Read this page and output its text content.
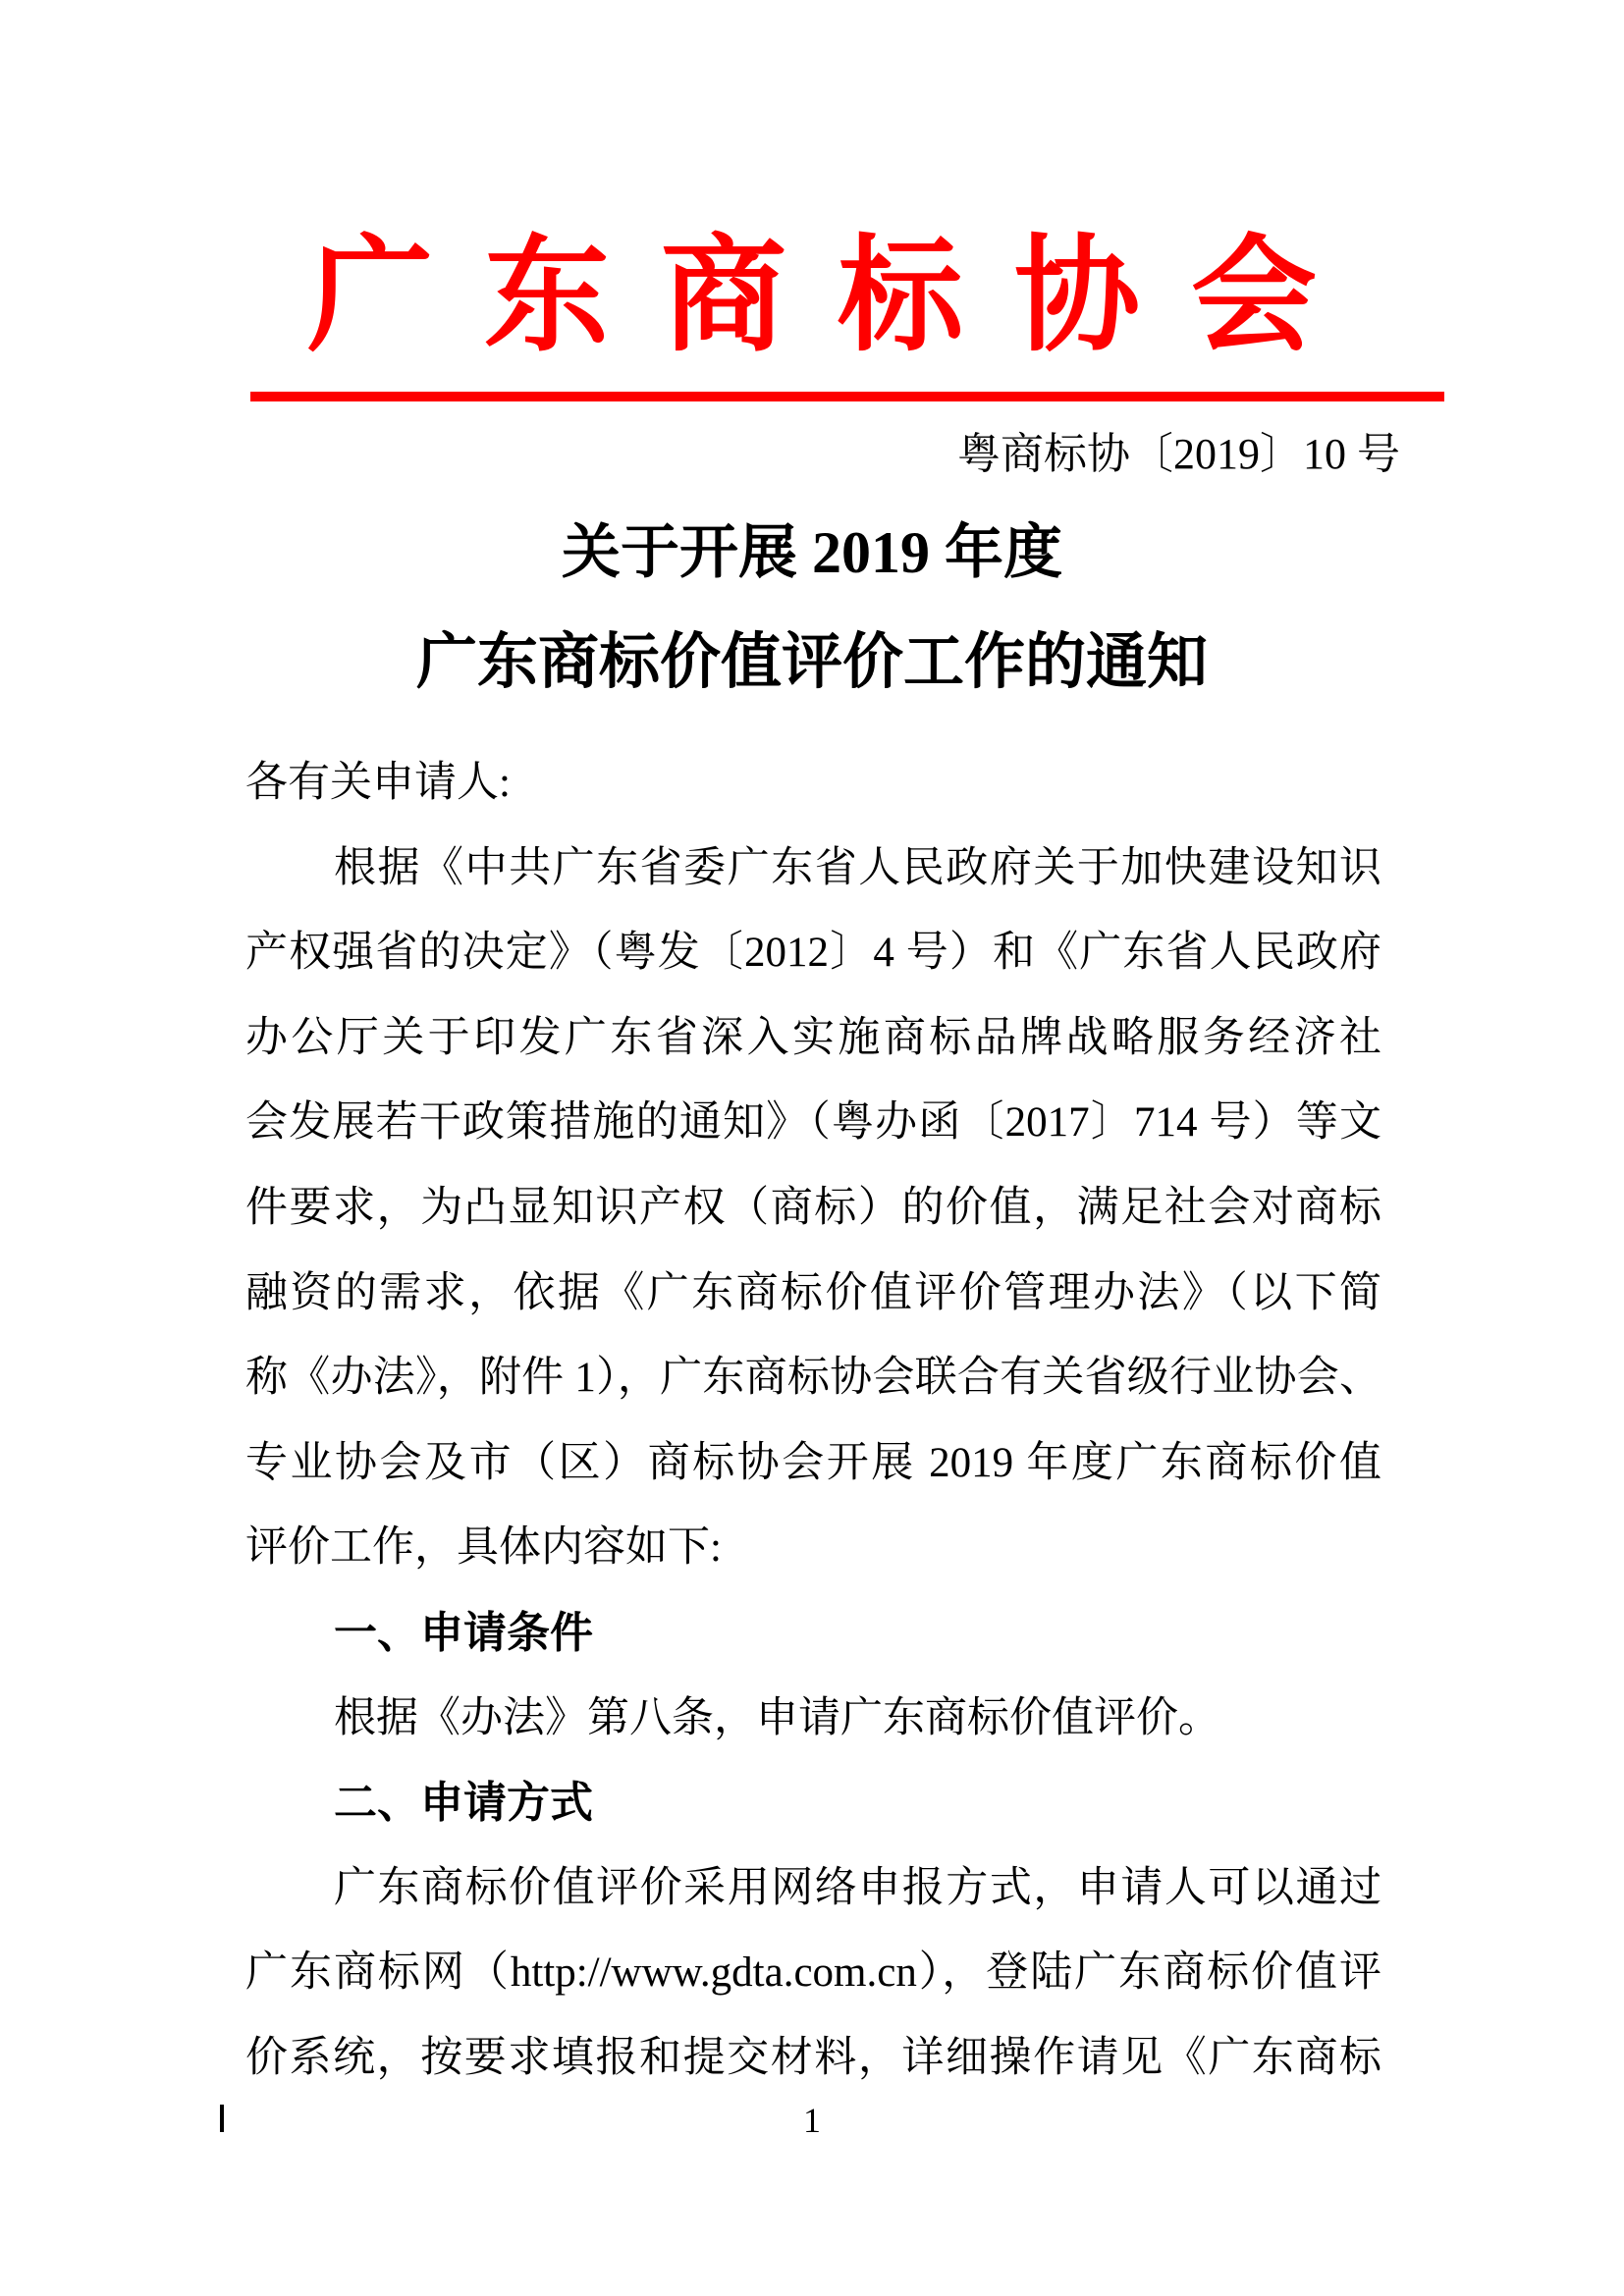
广东商标协会
粤商标协〔2019〕10 号
关于开展 2019 年度
广东商标价值评价工作的通知
各有关申请人:
根据《中共广东省委广东省人民政府关于加快建设知识
产权强省的决定》（粤发〔2012〕4 号）和《广东省人民政府
办公厅关于印发广东省深入实施商标品牌战略服务经济社
会发展若干政策措施的通知》（粤办函〔2017〕714 号）等文
件要求，为凸显知识产权（商标）的价值，满足社会对商标
融资的需求，依据《广东商标价值评价管理办法》（以下简
称《办法》，附件 1），广东商标协会联合有关省级行业协会、
专业协会及市（区）商标协会开展 2019 年度广东商标价值
评价工作，具体内容如下:
一、申请条件
根据《办法》第八条，申请广东商标价值评价。
二、申请方式
广东商标价值评价采用网络申报方式，申请人可以通过
广东商标网（http://www.gdta.com.cn），登陆广东商标价值评
价系统，按要求填报和提交材料，详细操作请见《广东商标
1
